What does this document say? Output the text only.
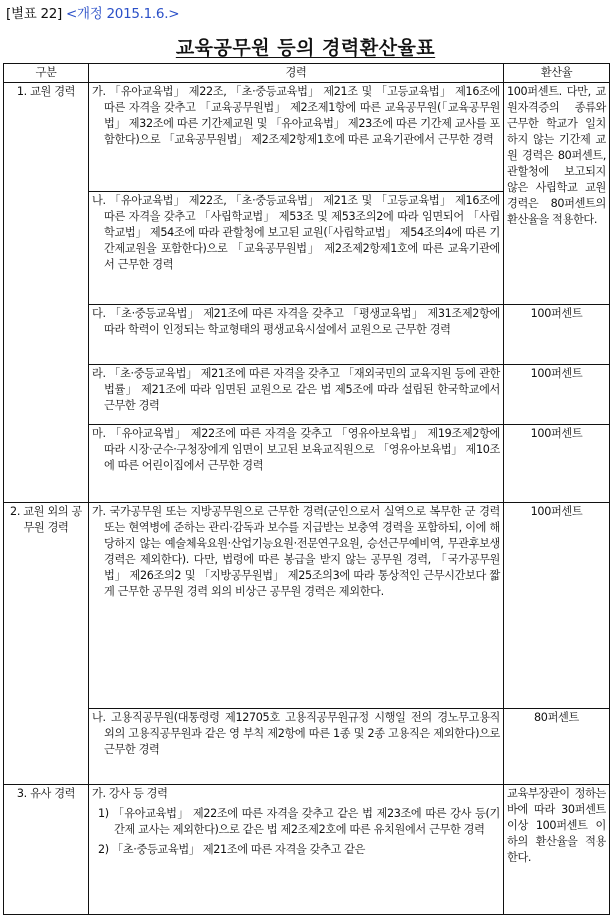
[별표 22] <개정 2015.1.6.>
교육공무원 등의 경력환산율표
구분	경력	환산율
1. 교원 경력	가. 「유아교육법」 제22조, 「초·중등교육법」 제21조 및 「고등교육법」 제16조에 따른 자격을 갖추고 「교육공무원법」 제2조제1항에 따른 교육공무원(「교육공무원법」 제32조에 따른 기간제교원 및 「유아교육법」 제23조에 따른 기간제 교사를 포함한다)으로 「교육공무원법」 제2조제2항제1호에 따른 교육기관에서 근무한 경력	100퍼센트. 다만, 교원자격증의 종류와 근무한 학교가 일치하지 않는 기간제 교원 경력은 80퍼센트, 관할청에 보고되지 않은 사립학교 교원 경력은 80퍼센트의 환산율을 적용한다.

	나. 「유아교육법」 제22조, 「초·중등교육법」 제21조 및 「고등교육법」 제16조에 따른 자격을 갖추고 「사립학교법」 제53조 및 제53조의2에 따라 임면되어 「사립학교법」 제54조에 따라 관할청에 보고된 교원(「사립학교법」 제54조의4에 따른 기간제교원을 포함한다)으로 「교육공무원법」 제2조제2항제1호에 따른 교육기관에서 근무한 경력	

	다. 「초·중등교육법」 제21조에 따른 자격을 갖추고 「평생교육법」 제31조제2항에 따라 학력이 인정되는 학교형태의 평생교육시설에서 교원으로 근무한 경력	100퍼센트

	라. 「초·중등교육법」 제21조에 따른 자격을 갖추고 「재외국민의 교육지원 등에 관한 법률」 제21조에 따라 임면된 교원으로 같은 법 제5조에 따라 설립된 한국학교에서 근무한 경력	100퍼센트

	마. 「유아교육법」 제22조에 따른 자격을 갖추고 「영유아보육법」 제19조제2항에 따라 시장·군수·구청장에게 임면이 보고된 보육교직원으로 「영유아보육법」 제10조에 따른 어린이집에서 근무한 경력	100퍼센트
2. 교원 외의 공무원 경력	가. 국가공무원 또는 지방공무원으로 근무한 경력(군인으로서 실역으로 복무한 군 경력 또는 현역병에 준하는 관리·감독과 보수를 지급받는 보충역 경력을 포함하되, 이에 해당하지 않는 예술체육요원·산업기능요원·전문연구요원, 승선근무예비역, 무관후보생 경력은 제외한다). 다만, 법령에 따른 봉급을 받지 않는 공무원 경력, 「국가공무원법」 제26조의2 및 「지방공무원법」 제25조의3에 따라 통상적인 근무시간보다 짧게 근무한 공무원 경력 외의 비상근 공무원 경력은 제외한다.	100퍼센트

	나. 고용직공무원(대통령령 제12705호 고용직공무원규정 시행일 전의 경노무고용직 외의 고용직공무원과 같은 영 부칙 제2항에 따른 1종 및 2종 고용직은 제외한다)으로 근무한 경력	80퍼센트
3. 유사 경력	가. 강사 등 경력
1) 「유아교육법」 제22조에 따른 자격을 갖추고 같은 법 제23조에 따른 강사 등(기간제 교사는 제외한다)으로 같은 법 제2조제2호에 따른 유치원에서 근무한 경력
2) 「초·중등교육법」 제21조에 따른 자격을 갖추고 같은	교육부장관이 정하는 바에 따라 30퍼센트 이상 100퍼센트 이하의 환산율을 적용한다.
